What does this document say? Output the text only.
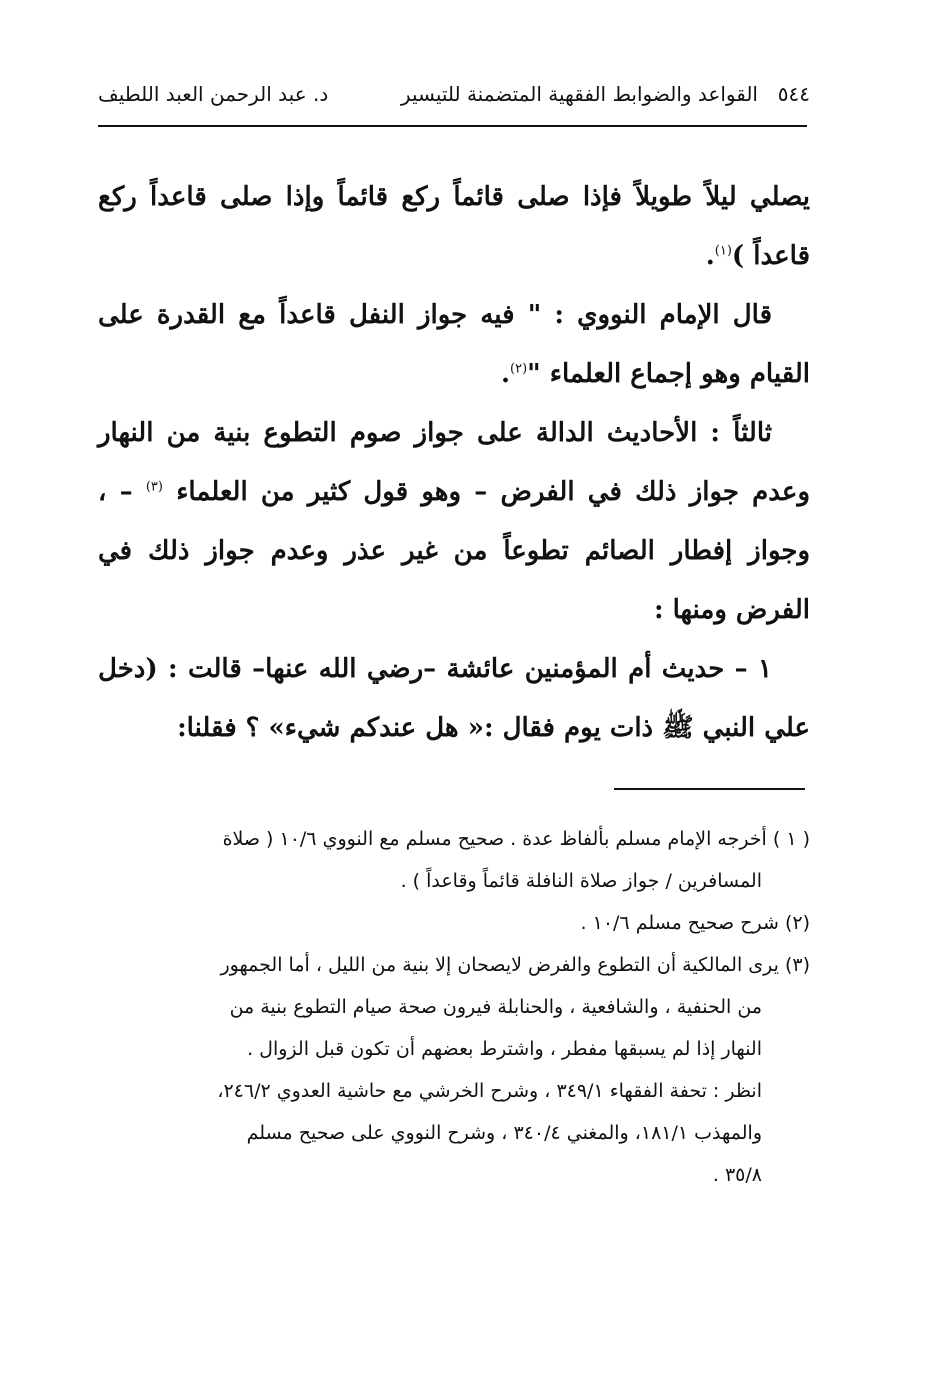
٥٤٤
القواعد والضوابط الفقهية المتضمنة للتيسير
د. عبد الرحمن العبد اللطيف

يصلي ليلاً طويلاً فإذا صلى قائماً ركع قائماً وإذا صلى قاعداً ركع قاعداً )$^{(١)}$.

قال الإمام النووي : " فيه جواز النفل قاعداً مع القدرة على القيام وهو إجماع العلماء "$^{(٢)}$.

ثالثاً : الأحاديث الدالة على جواز صوم التطوع بنية من النهار وعدم جواز ذلك في الفرض – وهو قول كثير من العلماء $^{(٣)}$ – ، وجواز إفطار الصائم تطوعاً من غير عذر وعدم جواز ذلك في الفرض ومنها :

١ – حديث أم المؤمنين عائشة –رضي الله عنها– قالت : (دخل علي النبي ﷺ ذات يوم فقال :« هل عندكم شيء» ؟ فقلنا:

( ١ ) أخرجه الإمام مسلم بألفاظ عدة . صحيح مسلم مع النووي ١٠/٦ ( صلاة

المسافرين / جواز صلاة النافلة قائماً وقاعداً ) .

(٢) شرح صحيح مسلم ١٠/٦ .

(٣) يرى المالكية أن التطوع والفرض لايصحان إلا بنية من الليل ، أما الجمهور

من الحنفية ، والشافعية ، والحنابلة فيرون صحة صيام التطوع بنية من

النهار إذا لم يسبقها مفطر ، واشترط بعضهم أن تكون قبل الزوال .

انظر : تحفة الفقهاء ٣٤٩/١ ، وشرح الخرشي مع حاشية العدوي ٢٤٦/٢،

والمهذب ١٨١/١، والمغني ٣٤٠/٤ ، وشرح النووي على صحيح مسلم

٣٥/٨ .
